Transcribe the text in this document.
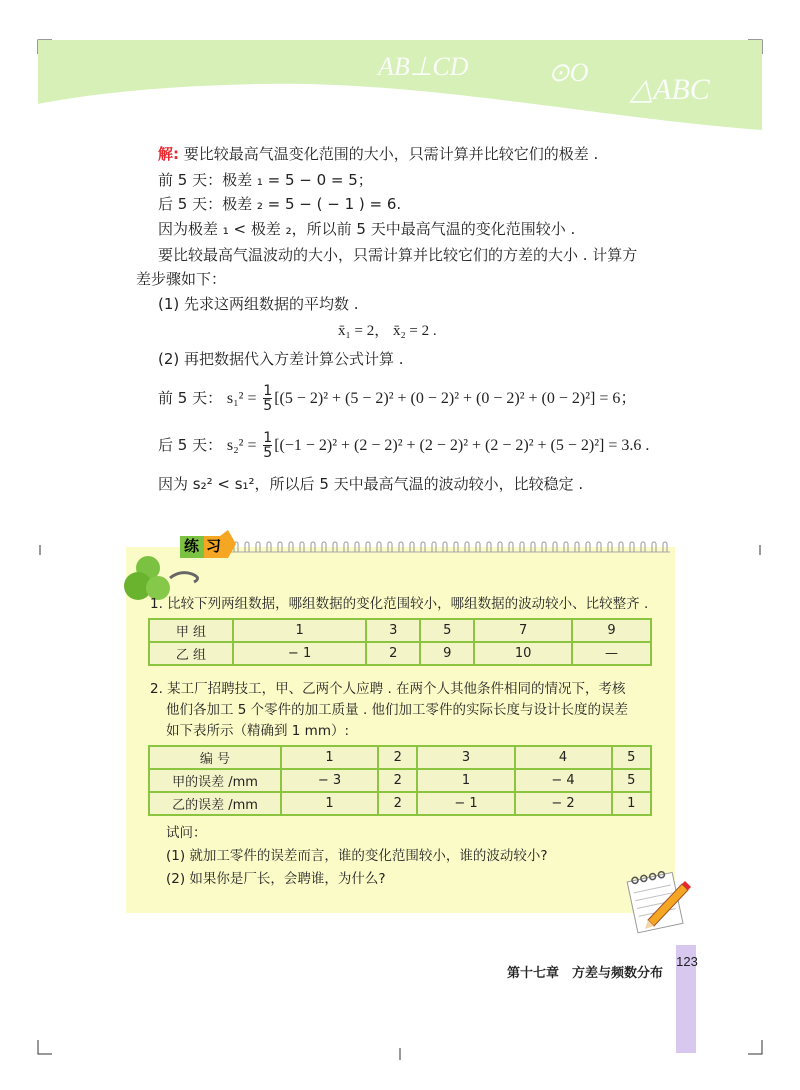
AB⊥CD	⊙O
△ABC
解: 要比较最高气温变化范围的大小，只需计算并比较它们的极差 .
前 5 天：极差 ₁ = 5 − 0 = 5；
后 5 天：极差 ₂ = 5 − ( − 1 ) = 6.
因为极差 ₁ < 极差 ₂，所以前 5 天中最高气温的变化范围较小 .
要比较最高气温波动的大小，只需计算并比较它们的方差的大小 . 计算方
差步骤如下：
(1) 先求这两组数据的平均数 .
x̄₁ = 2， x̄₂ = 2 .
(2) 再把数据代入方差计算公式计算 .
前 5 天： $s_1^2 = \frac{1}{5} [(5 - 2)^2 + (5 - 2)^2 + (0 - 2)^2 + (0 - 2)^2 + (0 - 2)^2] = 6$；
后 5 天： $s_2^2 = \frac{1}{5} [(-1 - 2)^2 + (2 - 2)^2 + (2 - 2)^2 + (2 - 2)^2 + (5 - 2)^2] = 3.6$ .
因为 s₂² < s₁²，所以后 5 天中最高气温的波动较小，比较稳定 .
练 习
1. 比较下列两组数据，哪组数据的变化范围较小，哪组数据的波动较小、比较整齐 .
甲 组	1	3	5	7	9
乙 组	− 1	2	9	10	—
2. 某工厂招聘技工，甲、乙两个人应聘 . 在两个人其他条件相同的情况下，考核
他们各加工 5 个零件的加工质量 . 他们加工零件的实际长度与设计长度的误差
如下表所示（精确到 1 mm）:
编 号	1	2	3	4	5
甲的误差 /mm	− 3	2	1	− 4	5
乙的误差 /mm	1	2	− 1	− 2	1
试问：
(1) 就加工零件的误差而言，谁的变化范围较小，谁的波动较小?
(2) 如果你是厂长，会聘谁，为什么?
第十七章　方差与频数分布
123
